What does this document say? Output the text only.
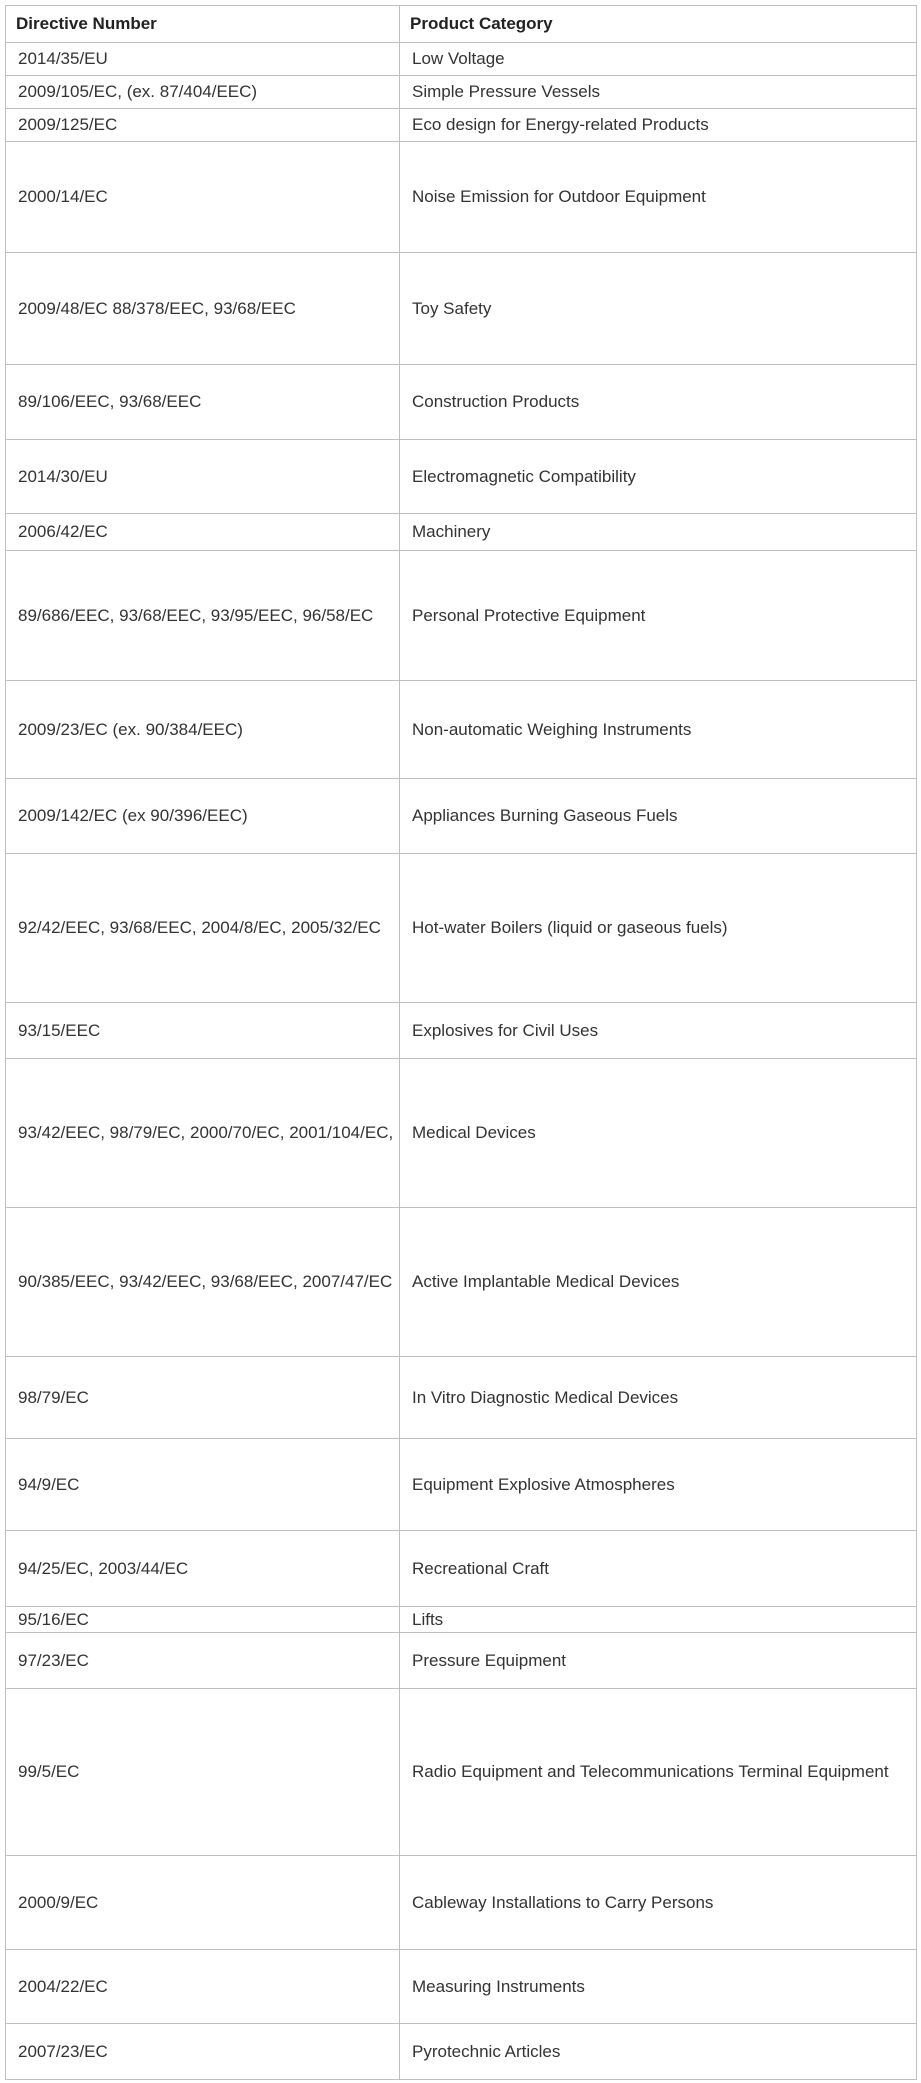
Directive Number	Product Category
2014/35/EU	Low Voltage
2009/105/EC, (ex. 87/404/EEC)	Simple Pressure Vessels
2009/125/EC	Eco design for Energy-related Products
2000/14/EC	Noise Emission for Outdoor Equipment
2009/48/EC 88/378/EEC, 93/68/EEC	Toy Safety
89/106/EEC, 93/68/EEC	Construction Products
2014/30/EU	Electromagnetic Compatibility
2006/42/EC	Machinery
89/686/EEC, 93/68/EEC, 93/95/EEC, 96/58/EC	Personal Protective Equipment
2009/23/EC (ex. 90/384/EEC)	Non-automatic Weighing Instruments
2009/142/EC (ex 90/396/EEC)	Appliances Burning Gaseous Fuels
92/42/EEC, 93/68/EEC, 2004/8/EC, 2005/32/EC	Hot-water Boilers (liquid or gaseous fuels)
93/15/EEC	Explosives for Civil Uses
93/42/EEC, 98/79/EC, 2000/70/EC, 2001/104/EC,	Medical Devices
90/385/EEC, 93/42/EEC, 93/68/EEC, 2007/47/EC	Active Implantable Medical Devices
98/79/EC	In Vitro Diagnostic Medical Devices
94/9/EC	Equipment Explosive Atmospheres
94/25/EC, 2003/44/EC	Recreational Craft
95/16/EC	Lifts
97/23/EC	Pressure Equipment
99/5/EC	Radio Equipment and Telecommunications Terminal Equipment
2000/9/EC	Cableway Installations to Carry Persons
2004/22/EC	Measuring Instruments
2007/23/EC	Pyrotechnic Articles
